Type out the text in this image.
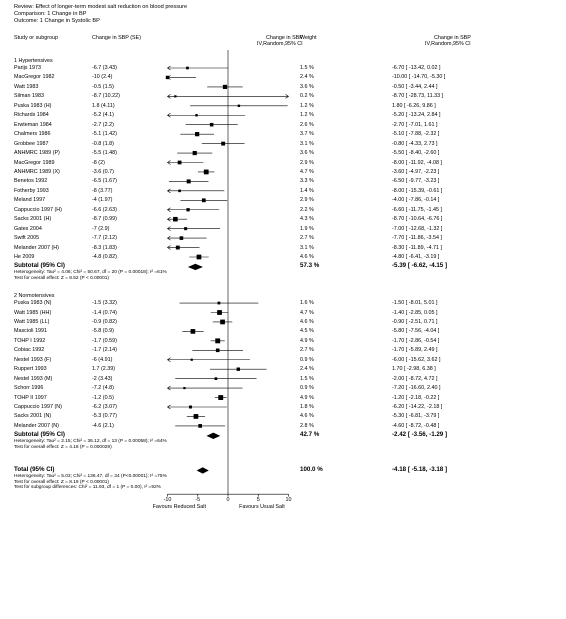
Review: Effect of longer-term modest salt reduction on blood pressure
Comparison: 1 Change in BP
Outcome: 1 Change in Systolic BP
Study or subgroup	Change in SBP (SE)	Change in SBP
IV,Random,95% CI
Weight	Change in SBP
IV,Random,95% CI
1 Hypertensives
Parijs 1973	-6.7 (3.43)	1.5 %	-6.70 [ -13.42, 0.02 ]
MacGregor 1982	-10 (2.4)	2.4 %	-10.00 [ -14.70, -5.30 ]
Watt 1983	-0.5 (1.5)	3.6 %	-0.50 [ -3.44, 2.44 ]
Silman 1983	-8.7 (10.22)	0.2 %	-8.70 [ -28.73, 11.33 ]
Puska 1983 (H)	1.8 (4.11)	1.2 %	1.80 [ -6.26, 9.86 ]
Richards 1984	-5.2 (4.1)	1.2 %	-5.20 [ -13.24, 2.84 ]
Erwteman 1984	-2.7 (2.2)	2.6 %	-2.70 [ -7.01, 1.61 ]
Chalmers 1986	-5.1 (1.42)	3.7 %	-5.10 [ -7.88, -2.32 ]
Grobbee 1987	-0.8 (1.8)	3.1 %	-0.80 [ -4.33, 2.73 ]
ANHMRC 1989 (P)	-5.5 (1.48)	3.6 %	-5.50 [ -8.40, -2.60 ]
MacGregor 1989	-8 (2)	2.9 %	-8.00 [ -11.92, -4.08 ]
ANHMRC 1989 (X)	-3.6 (0.7)	4.7 %	-3.60 [ -4.97, -2.23 ]
Benetos 1992	-6.5 (1.67)	3.3 %	-6.50 [ -9.77, -3.23 ]
Fotherby 1993	-8 (3.77)	1.4 %	-8.00 [ -15.39, -0.61 ]
Meland 1997	-4 (1.97)	2.9 %	-4.00 [ -7.86, -0.14 ]
Cappuccio 1997 (H)	-6.6 (2.63)	2.2 %	-6.60 [ -11.75, -1.45 ]
Sacks 2001 (H)	-8.7 (0.99)	4.3 %	-8.70 [ -10.64, -6.76 ]
Gates 2004	-7 (2.9)	1.9 %	-7.00 [ -12.68, -1.32 ]
Swift 2005	-7.7 (2.12)	2.7 %	-7.70 [ -11.86, -3.54 ]
Melander 2007 (H)	-8.3 (1.83)	3.1 %	-8.30 [ -11.89, -4.71 ]
He 2009	-4.8 (0.82)	4.6 %	-4.80 [ -6.41, -3.19 ]
Subtotal (95% CI)	57.3 %	-5.39 [ -6.62, -4.15 ]
Heterogeneity: Tau² = 4.06; Chi² = 50.67, df = 20 (P = 0.00018); I² =61%
Test for overall effect: Z = 8.52 (P < 0.00001)
2 Normotensives
Puska 1983 (N)	-1.5 (3.32)	1.6 %	-1.50 [ -8.01, 5.01 ]
Watt 1985 (HH)	-1.4 (0.74)	4.7 %	-1.40 [ -2.85, 0.05 ]
Watt 1985 (LL)	-0.9 (0.82)	4.6 %	-0.90 [ -2.51, 0.71 ]
Mascioli 1991	-5.8 (0.9)	4.5 %	-5.80 [ -7.56, -4.04 ]
TOHP I 1992	-1.7 (0.59)	4.9 %	-1.70 [ -2.86, -0.54 ]
Cobiac 1992	-1.7 (2.14)	2.7 %	-1.70 [ -5.89, 2.49 ]
Nestel 1993 (F)	-6 (4.91)	0.9 %	-6.00 [ -15.62, 3.62 ]
Ruppert 1993	1.7 (2.39)	2.4 %	1.70 [ -2.98, 6.38 ]
Nestel 1993 (M)	-2 (3.43)	1.5 %	-2.00 [ -8.72, 4.72 ]
Schorr 1996	-7.2 (4.8)	0.9 %	-7.20 [ -16.60, 2.40 ]
TOHP II 1997	-1.2 (0.5)	4.9 %	-1.20 [ -2.18, -0.22 ]
Cappuccio 1997 (N)	-6.2 (3.07)	1.8 %	-6.20 [ -14.22, -2.18 ]
Sacks 2001 (N)	-5.3 (0.77)	4.6 %	-5.30 [ -6.81, -3.79 ]
Melander 2007 (N)	-4.6 (2.1)	2.8 %	-4.60 [ -8.72, -0.48 ]
Subtotal (95% CI)	42.7 %	-2.42 [ -3.56, -1.29 ]
Heterogeneity: Tau² = 2.15; Chi² = 36.12, df = 13 (P = 0.00058); I² =64%
Test for overall effect: Z = 4.16 (P = 0.000029)
Total (95% CI)	100.0 %	-4.18 [ -5.18, -3.18 ]
Heterogeneity: Tau² = 5.03; Chi² = 136.47, df = 34 (P<0.00001); I² =75%
Test for overall effect: Z = 8.19 (P < 0.00001)
Test for subgroup differences: Chi² = 11.93, df = 1 (P = 0.00), I² =92%
-10	-5	0	5	10
Favours Reduced Salt	Favours Usual Salt
